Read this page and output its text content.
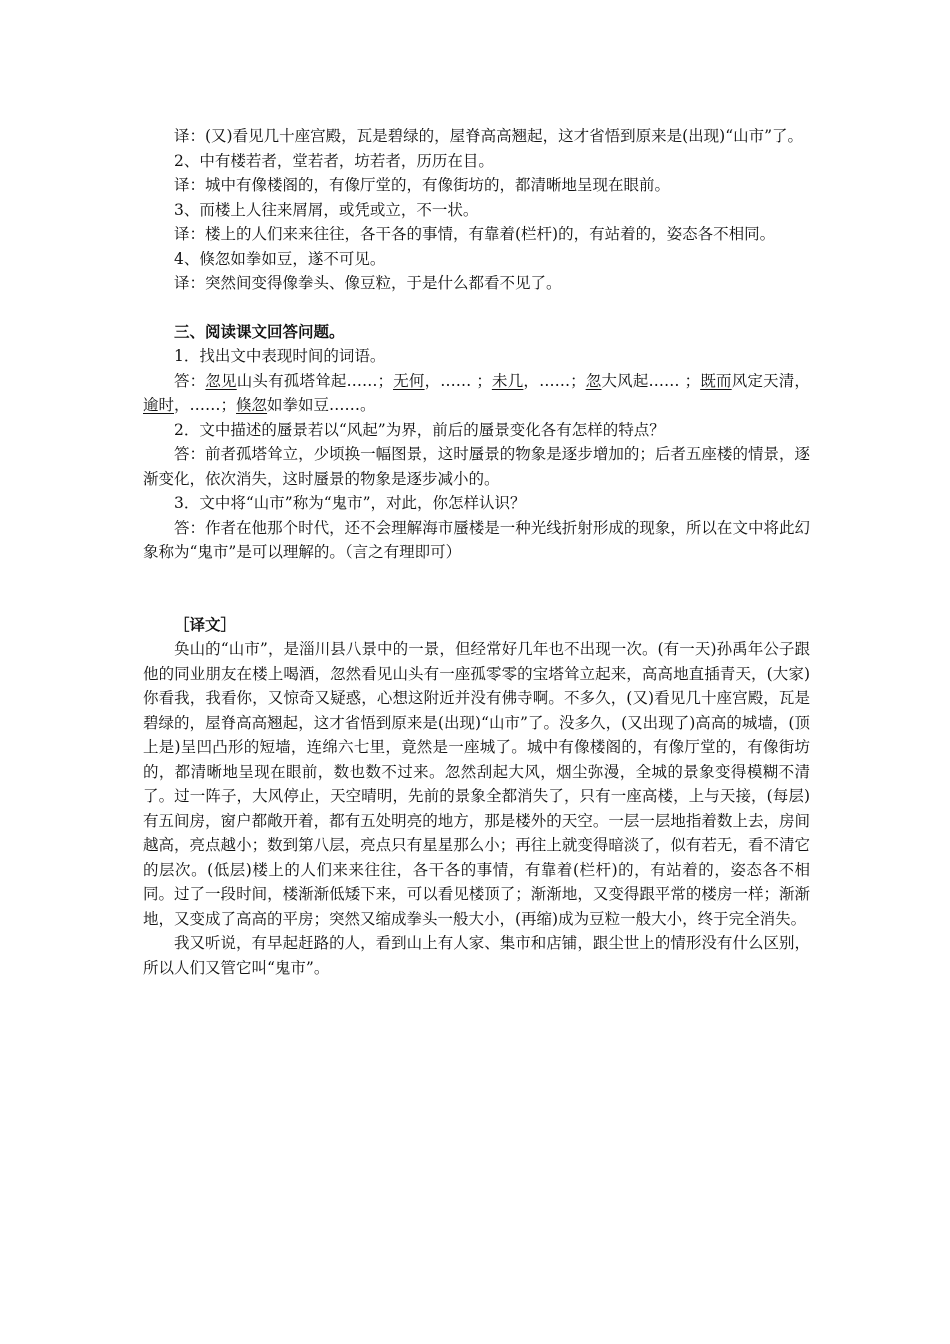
译：(又)看见几十座宫殿，瓦是碧绿的，屋脊高高翘起，这才省悟到原来是(出现)“山市”了。

2、中有楼若者，堂若者，坊若者，历历在目。

译：城中有像楼阁的，有像厅堂的，有像街坊的，都清晰地呈现在眼前。

3、而楼上人往来屑屑，或凭或立，不一状。

译：楼上的人们来来往往，各干各的事情，有靠着(栏杆)的，有站着的，姿态各不相同。

4、倏忽如拳如豆，遂不可见。

译：突然间变得像拳头、像豆粒，于是什么都看不见了。

三、阅读课文回答问题。

1．找出文中表现时间的词语。

答：忽见山头有孤塔耸起……；无何，…… ；未几，……；忽大风起…… ；既而风定天清，逾时，……；倏忽如拳如豆……。

2．文中描述的蜃景若以“风起”为界，前后的蜃景变化各有怎样的特点？

答：前者孤塔耸立，少顷换一幅图景，这时蜃景的物象是逐步增加的；后者五座楼的情景，逐渐变化，依次消失，这时蜃景的物象是逐步减小的。

3．文中将“山市”称为“鬼市”，对此，你怎样认识？

答：作者在他那个时代，还不会理解海市蜃楼是一种光线折射形成的现象，所以在文中将此幻象称为“鬼市”是可以理解的。（言之有理即可）

［译文］

奂山的“山市”，是淄川县八景中的一景，但经常好几年也不出现一次。(有一天)孙禹年公子跟他的同业朋友在楼上喝酒，忽然看见山头有一座孤零零的宝塔耸立起来，高高地直插青天，(大家)你看我，我看你，又惊奇又疑惑，心想这附近并没有佛寺啊。不多久，(又)看见几十座宫殿，瓦是碧绿的，屋脊高高翘起，这才省悟到原来是(出现)“山市”了。没多久，(又出现了)高高的城墙，(顶上是)呈凹凸形的短墙，连绵六七里，竟然是一座城了。城中有像楼阁的，有像厅堂的，有像街坊的，都清晰地呈现在眼前，数也数不过来。忽然刮起大风，烟尘弥漫，全城的景象变得模糊不清了。过一阵子，大风停止，天空晴明，先前的景象全都消失了，只有一座高楼，上与天接，(每层)有五间房，窗户都敞开着，都有五处明亮的地方，那是楼外的天空。一层一层地指着数上去，房间越高，亮点越小；数到第八层，亮点只有星星那么小；再往上就变得暗淡了，似有若无，看不清它的层次。(低层)楼上的人们来来往往，各干各的事情，有靠着(栏杆)的，有站着的，姿态各不相同。过了一段时间，楼渐渐低矮下来，可以看见楼顶了；渐渐地，又变得跟平常的楼房一样；渐渐地，又变成了高高的平房；突然又缩成拳头一般大小，(再缩)成为豆粒一般大小，终于完全消失。

我又听说，有早起赶路的人，看到山上有人家、集市和店铺，跟尘世上的情形没有什么区别，所以人们又管它叫“鬼市”。
